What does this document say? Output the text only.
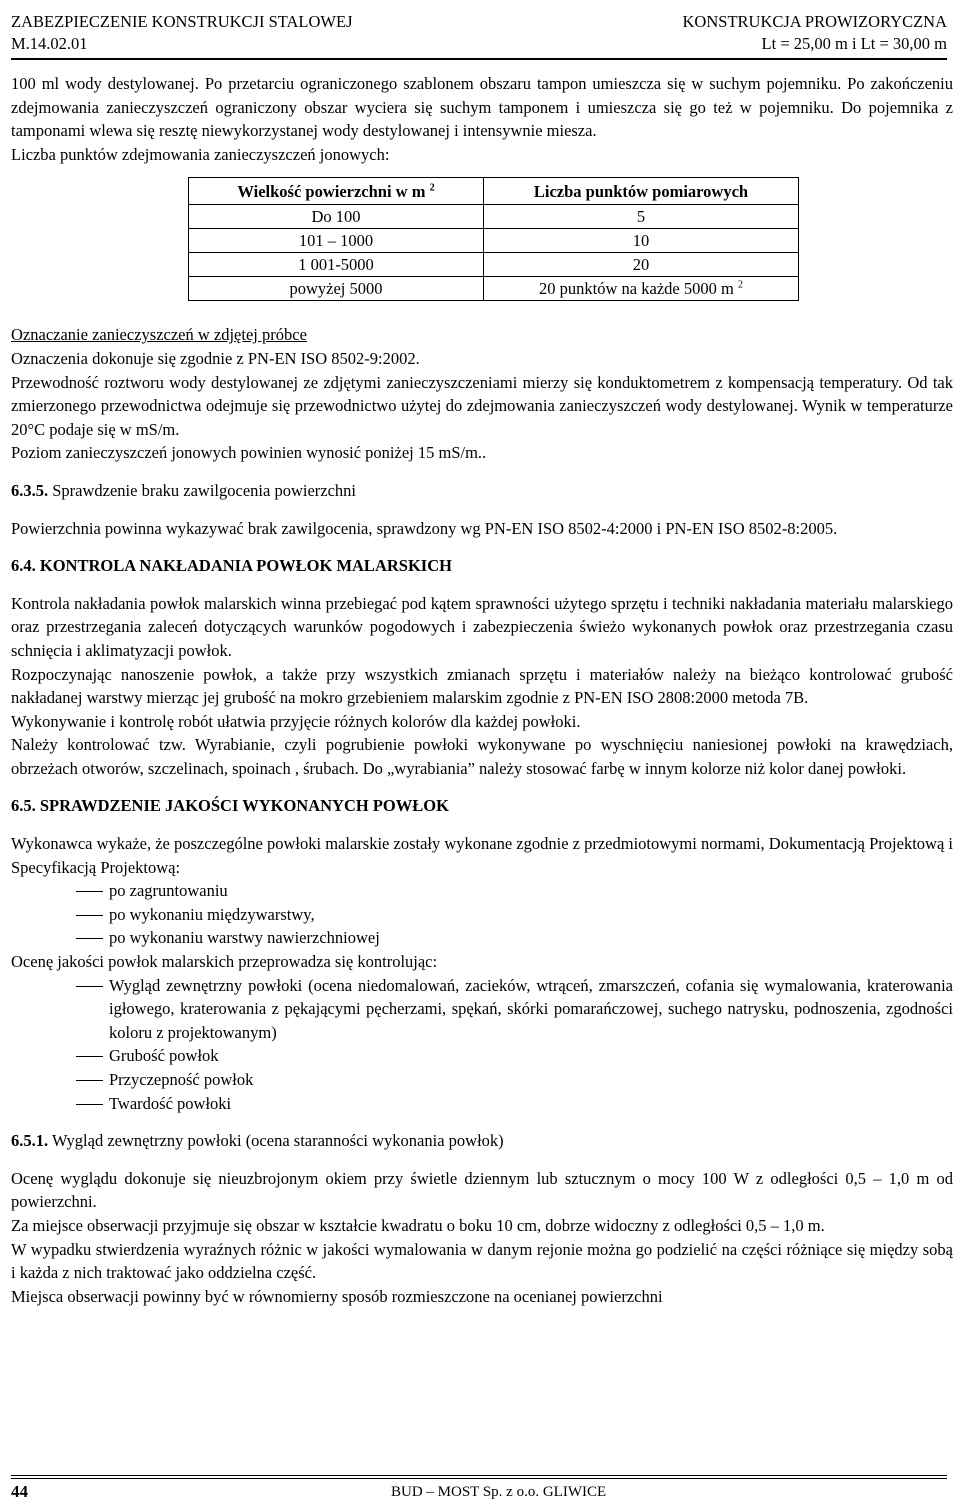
ZABEZPIECZENIE KONSTRUKCJI STALOWEJ
M.14.02.01
KONSTRUKCJA PROWIZORYCZNA
Lt = 25,00 m i Lt = 30,00 m

100 ml wody destylowanej. Po przetarciu ograniczonego szablonem obszaru tampon umieszcza się w suchym pojemniku. Po zakończeniu zdejmowania zanieczyszczeń ograniczony obszar wyciera się suchym tamponem i umieszcza się go też w pojemniku. Do pojemnika z tamponami wlewa się resztę niewykorzystanej wody destylowanej i intensywnie miesza.

Liczba punktów zdejmowania zanieczyszczeń jonowych:

Wielkość powierzchni w m $^2$	Liczba punktów pomiarowych
Do 100	5
101 – 1000	10
1 001-5000	20
powyżej 5000	20 punktów na każde 5000 m $^2$

Oznaczanie zanieczyszczeń w zdjętej próbce

Oznaczenia dokonuje się zgodnie z PN-EN ISO 8502-9:2002.

Przewodność roztworu wody destylowanej ze zdjętymi zanieczyszczeniami mierzy się konduktometrem z kompensacją temperatury. Od tak zmierzonego przewodnictwa odejmuje się przewodnictwo użytej do zdejmowania zanieczyszczeń wody destylowanej. Wynik w temperaturze 20°C podaje się w mS/m.

Poziom zanieczyszczeń jonowych powinien wynosić poniżej 15 mS/m..

6.3.5. Sprawdzenie braku zawilgocenia powierzchni

Powierzchnia powinna wykazywać brak zawilgocenia, sprawdzony wg PN-EN ISO 8502-4:2000 i PN-EN ISO 8502-8:2005.

6.4. KONTROLA NAKŁADANIA POWŁOK MALARSKICH

Kontrola nakładania powłok malarskich winna przebiegać pod kątem sprawności użytego sprzętu i techniki nakładania materiału malarskiego oraz przestrzegania zaleceń dotyczących warunków pogodowych i zabezpieczenia świeżo wykonanych powłok oraz przestrzegania czasu schnięcia i aklimatyzacji powłok.

Rozpoczynając nanoszenie powłok, a także przy wszystkich zmianach sprzętu i materiałów należy na bieżąco kontrolować grubość nakładanej warstwy mierząc jej grubość na mokro grzebieniem malarskim zgodnie z PN-EN ISO 2808:2000 metoda 7B.

Wykonywanie i kontrolę robót ułatwia przyjęcie różnych kolorów dla każdej powłoki.

Należy kontrolować tzw. Wyrabianie, czyli pogrubienie powłoki wykonywane po wyschnięciu naniesionej powłoki na krawędziach, obrzeżach otworów, szczelinach, spoinach , śrubach. Do „wyrabiania” należy stosować farbę w innym kolorze niż kolor danej powłoki.

6.5. SPRAWDZENIE JAKOŚCI WYKONANYCH POWŁOK

Wykonawca wykaże, że poszczególne powłoki malarskie zostały wykonane zgodnie z przedmiotowymi normami, Dokumentacją Projektową i Specyfikacją Projektową:

po zagruntowaniu
po wykonaniu międzywarstwy,
po wykonaniu warstwy nawierzchniowej

Ocenę jakości powłok malarskich przeprowadza się kontrolując:

Wygląd zewnętrzny powłoki (ocena niedomalowań, zacieków, wtrąceń, zmarszczeń, cofania się wymalowania, kraterowania igłowego, kraterowania z pękającymi pęcherzami, spękań, skórki pomarańczowej, suchego natrysku, podnoszenia, zgodności koloru z projektowanym)
Grubość powłok
Przyczepność powłok
Twardość powłoki

6.5.1. Wygląd zewnętrzny powłoki (ocena staranności wykonania powłok)

Ocenę wyglądu dokonuje się nieuzbrojonym okiem przy świetle dziennym lub sztucznym o mocy 100 W z odległości 0,5 – 1,0 m od powierzchni.

Za miejsce obserwacji przyjmuje się obszar w kształcie kwadratu o boku 10 cm, dobrze widoczny z odległości 0,5 – 1,0 m.

W wypadku stwierdzenia wyraźnych różnic w jakości wymalowania w danym rejonie można go podzielić na części różniące się między sobą i każda z nich traktować jako oddzielna część.

Miejsca obserwacji powinny być w równomierny sposób rozmieszczone na ocenianej powierzchni

44	BUD – MOST Sp. z o.o. GLIWICE
